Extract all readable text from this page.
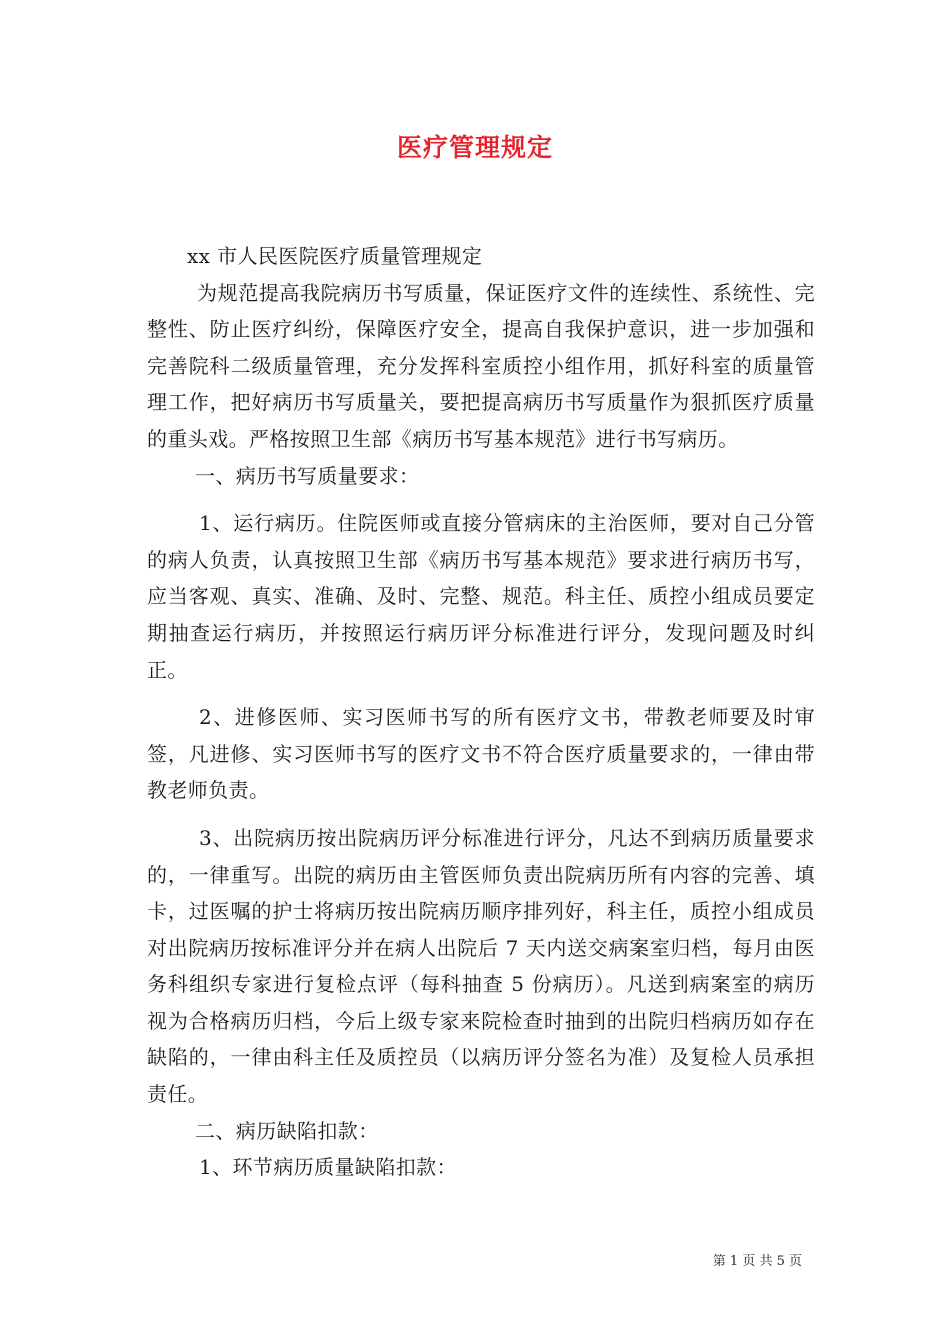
医疗管理规定

xx 市人民医院医疗质量管理规定

为规范提高我院病历书写质量，保证医疗文件的连续性、系统性、完整性、防止医疗纠纷，保障医疗安全，提高自我保护意识，进一步加强和完善院科二级质量管理，充分发挥科室质控小组作用，抓好科室的质量管理工作，把好病历书写质量关，要把提高病历书写质量作为狠抓医疗质量的重头戏。严格按照卫生部《病历书写基本规范》进行书写病历。

一、病历书写质量要求：

1、运行病历。住院医师或直接分管病床的主治医师，要对自己分管的病人负责，认真按照卫生部《病历书写基本规范》要求进行病历书写，应当客观、真实、准确、及时、完整、规范。科主任、质控小组成员要定期抽查运行病历，并按照运行病历评分标准进行评分，发现问题及时纠正。

2、进修医师、实习医师书写的所有医疗文书，带教老师要及时审签，凡进修、实习医师书写的医疗文书不符合医疗质量要求的，一律由带教老师负责。

3、出院病历按出院病历评分标准进行评分，凡达不到病历质量要求的，一律重写。出院的病历由主管医师负责出院病历所有内容的完善、填卡，过医嘱的护士将病历按出院病历顺序排列好，科主任，质控小组成员对出院病历按标准评分并在病人出院后 7 天内送交病案室归档，每月由医务科组织专家进行复检点评（每科抽查 5 份病历）。凡送到病案室的病历视为合格病历归档，今后上级专家来院检查时抽到的出院归档病历如存在缺陷的，一律由科主任及质控员（以病历评分签名为准）及复检人员承担责任。

二、病历缺陷扣款：

1、环节病历质量缺陷扣款：

第 1 页 共 5 页
